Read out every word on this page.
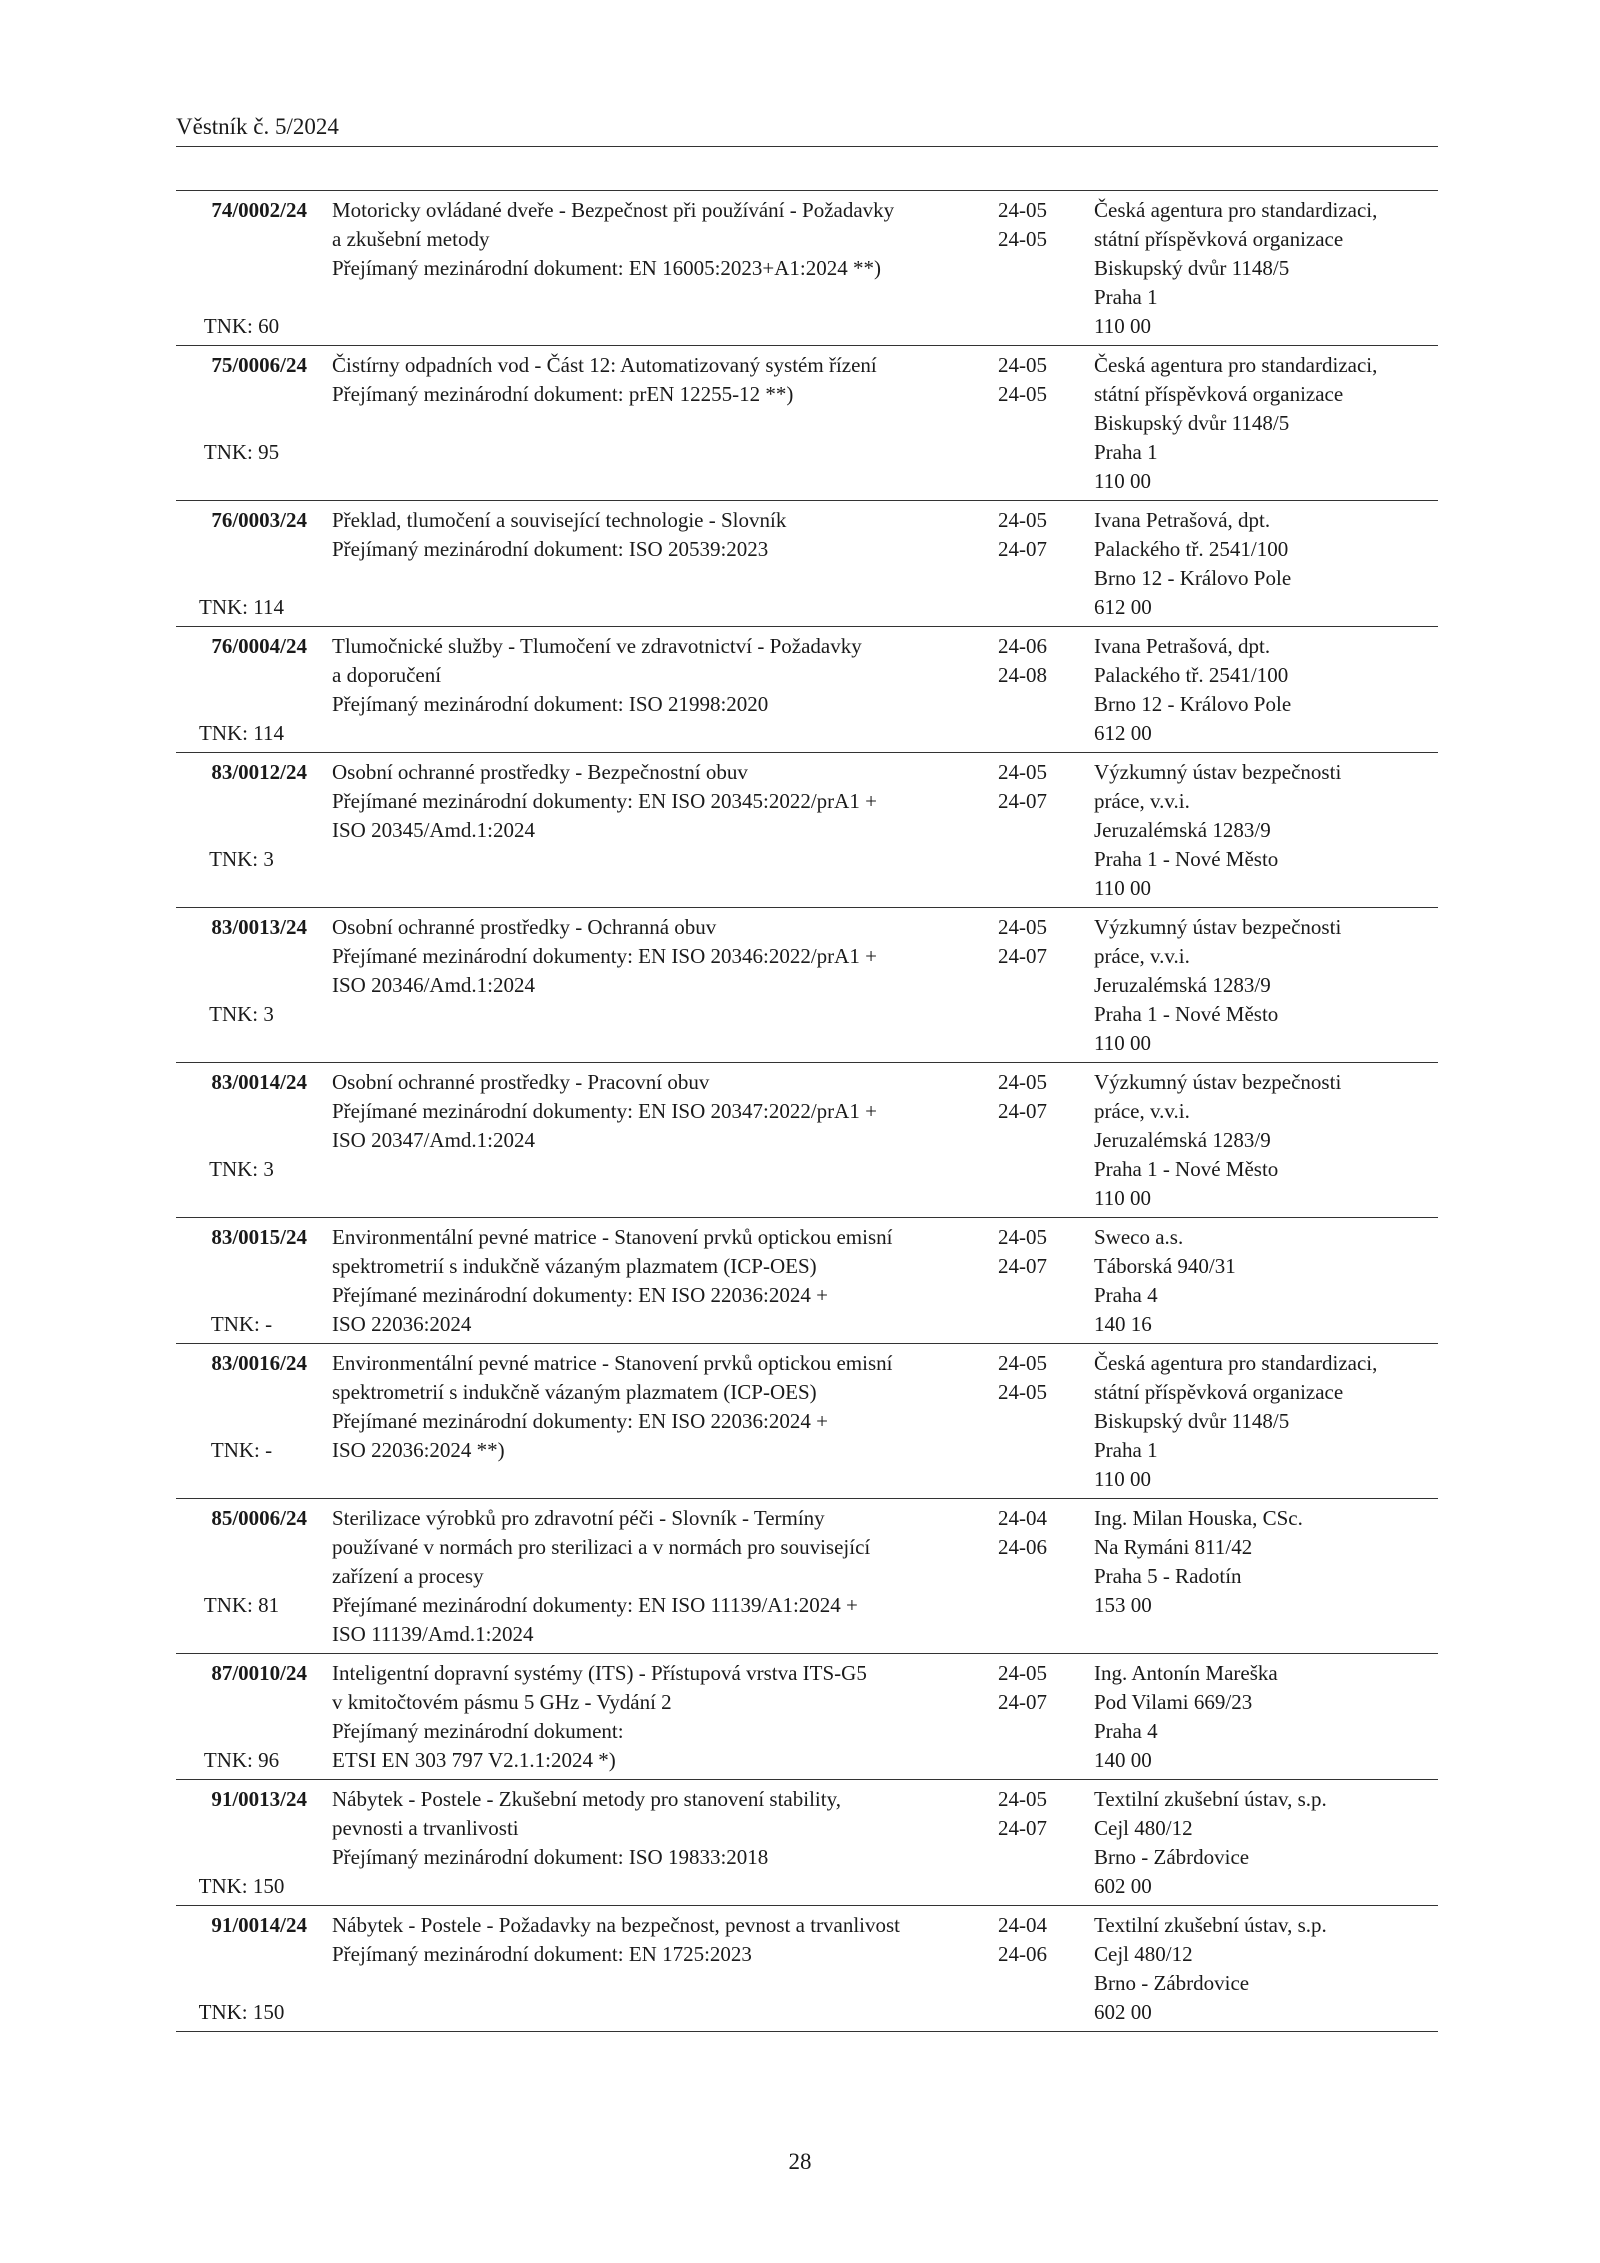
Věstník č. 5/2024
74/0002/24
TNK: 60
Motoricky ovládané dveře - Bezpečnost při používání - Požadavky
a zkušební metody
Přejímaný mezinárodní dokument: EN 16005:2023+A1:2024 **)
24-05
24-05
Česká agentura pro standardizaci,
státní příspěvková organizace
Biskupský dvůr 1148/5
Praha 1
110 00
75/0006/24
TNK: 95
Čistírny odpadních vod - Část 12: Automatizovaný systém řízení
Přejímaný mezinárodní dokument: prEN 12255-12 **)
24-05
24-05
Česká agentura pro standardizaci,
státní příspěvková organizace
Biskupský dvůr 1148/5
Praha 1
110 00
76/0003/24
TNK: 114
Překlad, tlumočení a související technologie - Slovník
Přejímaný mezinárodní dokument: ISO 20539:2023
24-05
24-07
Ivana Petrašová, dpt.
Palackého tř. 2541/100
Brno 12 - Královo Pole
612 00
76/0004/24
TNK: 114
Tlumočnické služby - Tlumočení ve zdravotnictví - Požadavky
a doporučení
Přejímaný mezinárodní dokument: ISO 21998:2020
24-06
24-08
Ivana Petrašová, dpt.
Palackého tř. 2541/100
Brno 12 - Královo Pole
612 00
83/0012/24
TNK: 3
Osobní ochranné prostředky - Bezpečnostní obuv
Přejímané mezinárodní dokumenty: EN ISO 20345:2022/prA1 +
ISO 20345/Amd.1:2024
24-05
24-07
Výzkumný ústav bezpečnosti
práce, v.v.i.
Jeruzalémská 1283/9
Praha 1 - Nové Město
110 00
83/0013/24
TNK: 3
Osobní ochranné prostředky - Ochranná obuv
Přejímané mezinárodní dokumenty: EN ISO 20346:2022/prA1 +
ISO 20346/Amd.1:2024
24-05
24-07
Výzkumný ústav bezpečnosti
práce, v.v.i.
Jeruzalémská 1283/9
Praha 1 - Nové Město
110 00
83/0014/24
TNK: 3
Osobní ochranné prostředky - Pracovní obuv
Přejímané mezinárodní dokumenty: EN ISO 20347:2022/prA1 +
ISO 20347/Amd.1:2024
24-05
24-07
Výzkumný ústav bezpečnosti
práce, v.v.i.
Jeruzalémská 1283/9
Praha 1 - Nové Město
110 00
83/0015/24
TNK: -
Environmentální pevné matrice - Stanovení prvků optickou emisní
spektrometrií s indukčně vázaným plazmatem (ICP-OES)
Přejímané mezinárodní dokumenty: EN ISO 22036:2024 +
ISO 22036:2024
24-05
24-07
Sweco a.s.
Táborská 940/31
Praha 4
140 16
83/0016/24
TNK: -
Environmentální pevné matrice - Stanovení prvků optickou emisní
spektrometrií s indukčně vázaným plazmatem (ICP-OES)
Přejímané mezinárodní dokumenty: EN ISO 22036:2024 +
ISO 22036:2024 **)
24-05
24-05
Česká agentura pro standardizaci,
státní příspěvková organizace
Biskupský dvůr 1148/5
Praha 1
110 00
85/0006/24
TNK: 81
Sterilizace výrobků pro zdravotní péči - Slovník - Termíny
používané v normách pro sterilizaci a v normách pro související
zařízení a procesy
Přejímané mezinárodní dokumenty: EN ISO 11139/A1:2024 +
ISO 11139/Amd.1:2024
24-04
24-06
Ing. Milan Houska, CSc.
Na Rymáni 811/42
Praha 5 - Radotín
153 00
87/0010/24
TNK: 96
Inteligentní dopravní systémy (ITS) - Přístupová vrstva ITS-G5
v kmitočtovém pásmu 5 GHz - Vydání 2
Přejímaný mezinárodní dokument:
ETSI EN 303 797 V2.1.1:2024 *)
24-05
24-07
Ing. Antonín Mareška
Pod Vilami 669/23
Praha 4
140 00
91/0013/24
TNK: 150
Nábytek - Postele - Zkušební metody pro stanovení stability,
pevnosti a trvanlivosti
Přejímaný mezinárodní dokument: ISO 19833:2018
24-05
24-07
Textilní zkušební ústav, s.p.
Cejl 480/12
Brno - Zábrdovice
602 00
91/0014/24
TNK: 150
Nábytek - Postele - Požadavky na bezpečnost, pevnost a trvanlivost
Přejímaný mezinárodní dokument: EN 1725:2023
24-04
24-06
Textilní zkušební ústav, s.p.
Cejl 480/12
Brno - Zábrdovice
602 00
28
